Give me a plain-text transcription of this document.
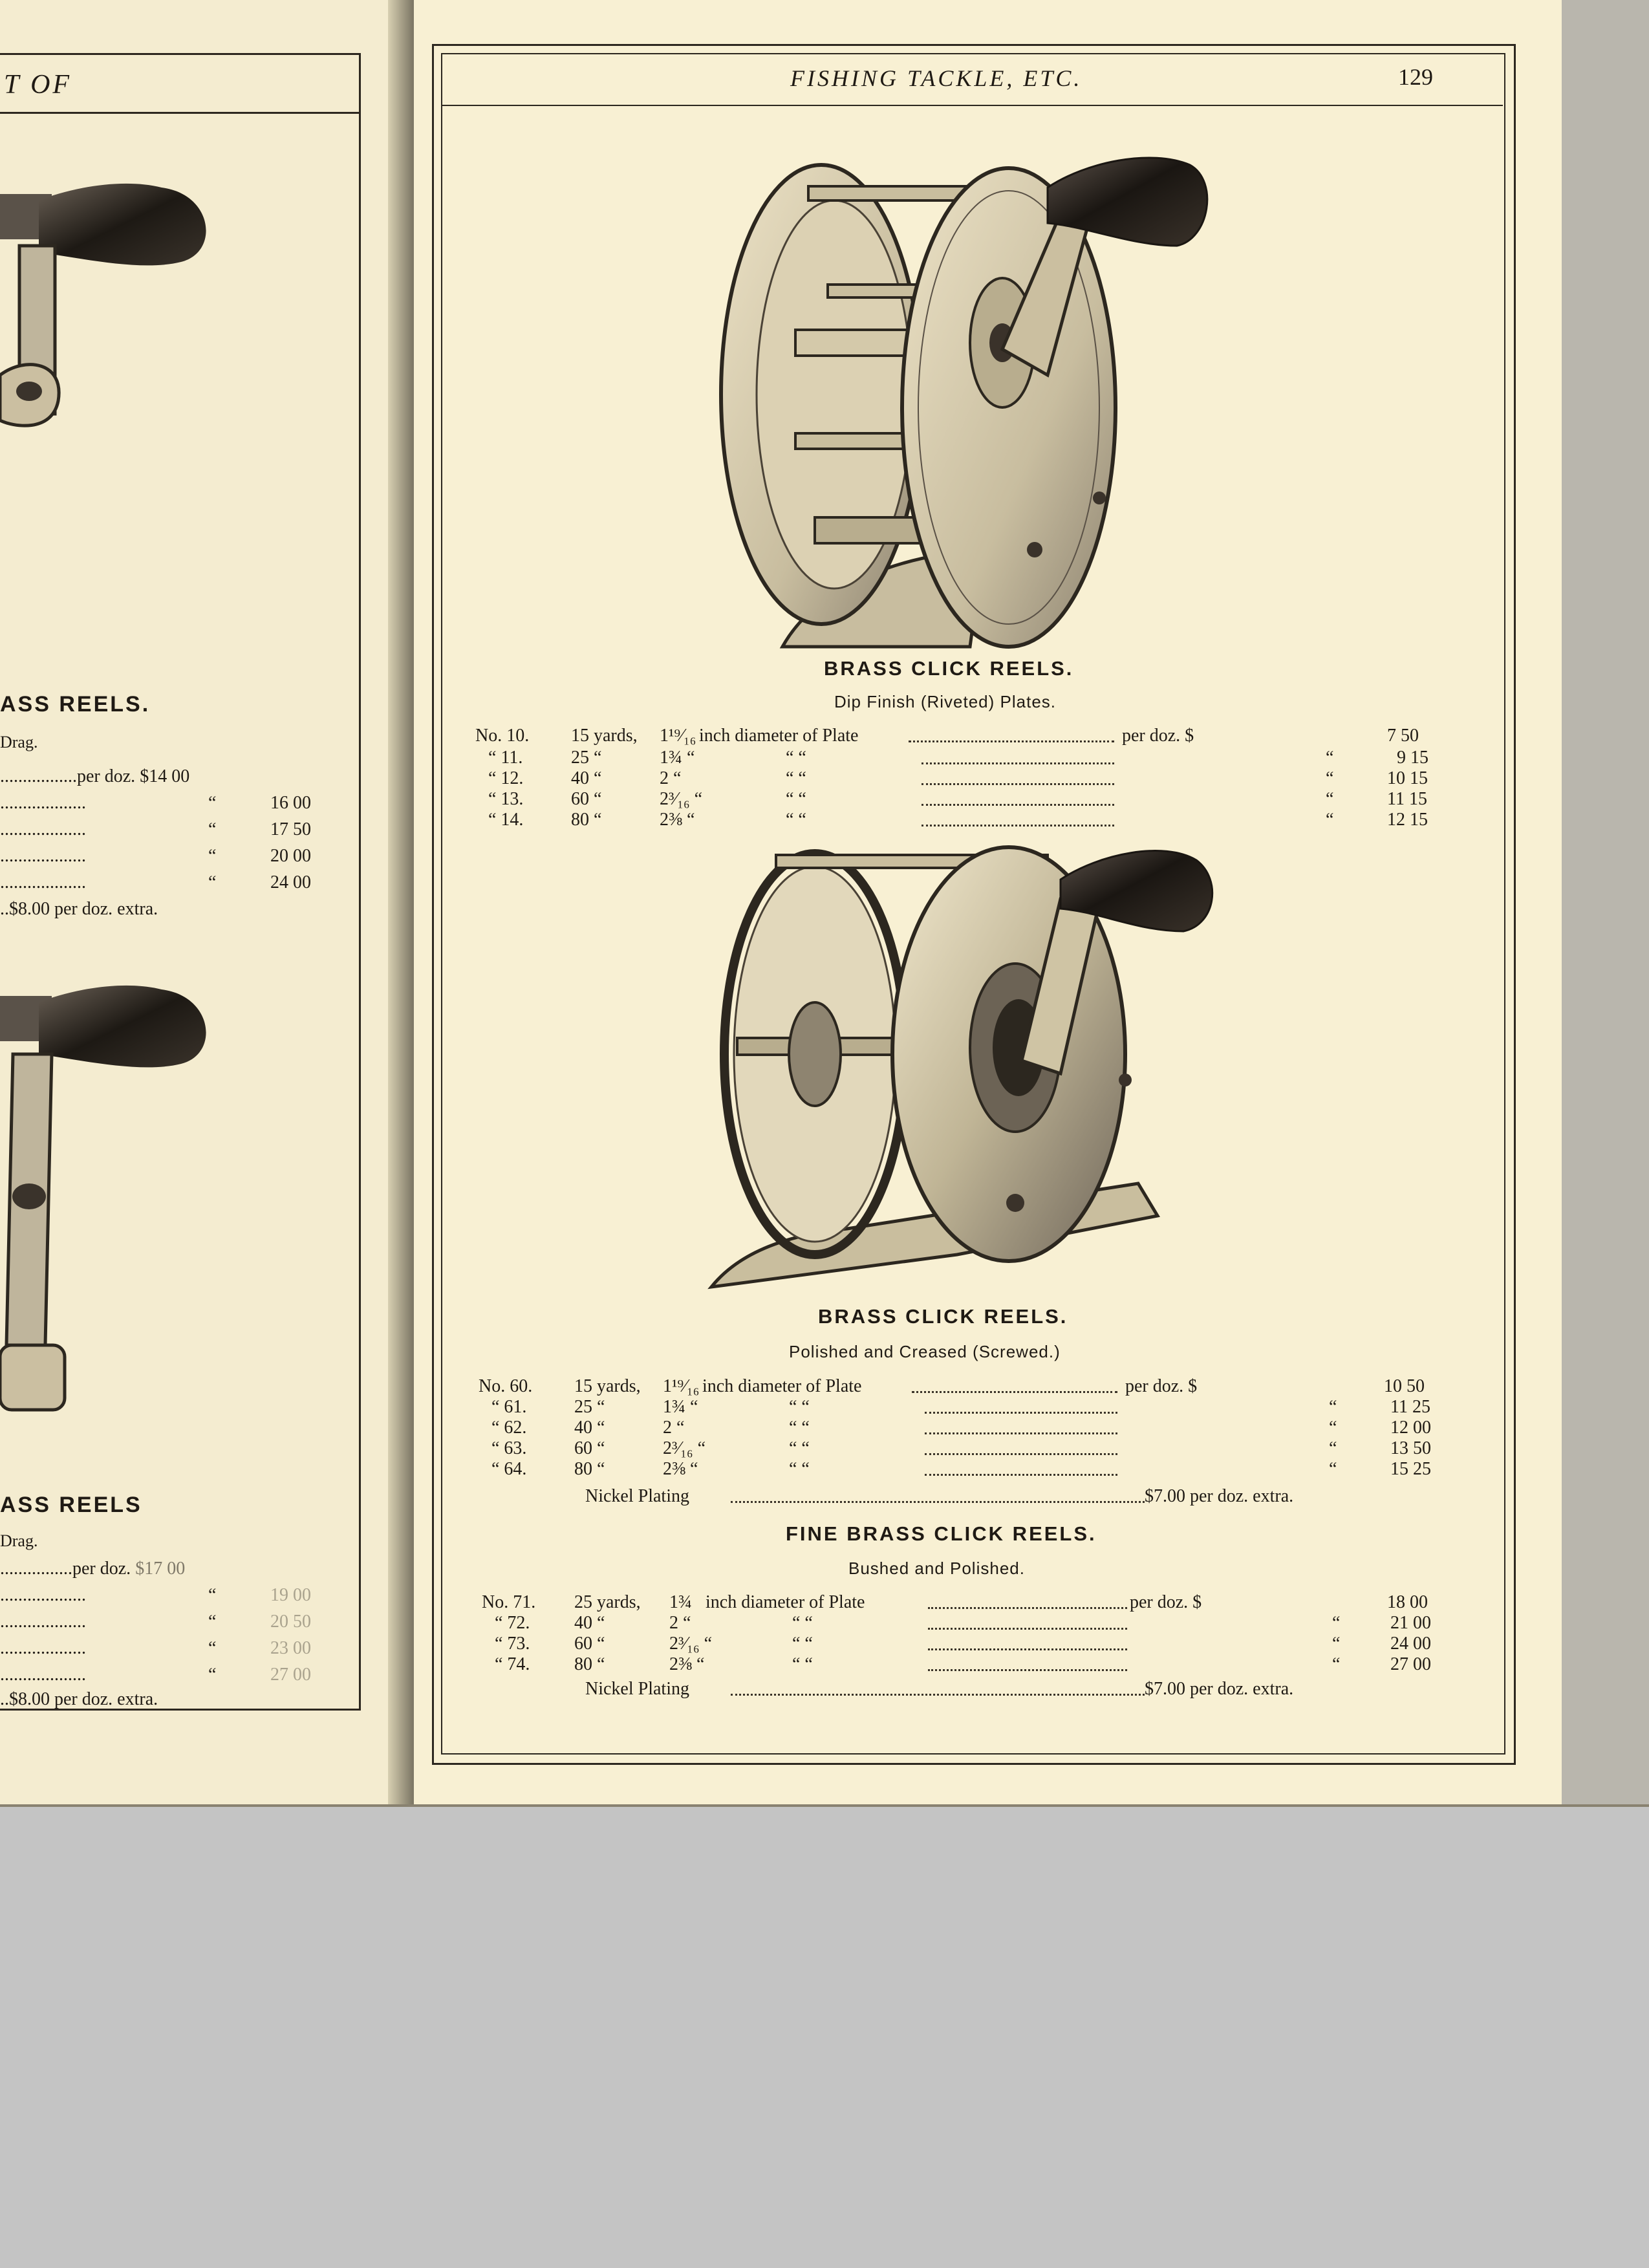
T OF
ASS REELS.
Drag.
.................per doz. $14 00
...................	“	16 00
...................	“	17 50
...................	“	20 00
...................	“	24 00
..$8.00 per doz. extra.
ASS REELS
Drag.
................per doz. $17 00
...................	“	19 00
...................	“	20 50
...................	“	23 00
...................	“	27 00
..$8.00 per doz. extra.
FISHING TACKLE, ETC.	129
BRASS CLICK REELS.
Dip Finish (Riveted) Plates.
No. 10. 15 yards, 1¹⁹⁄₁₆ inch diameter of Plate	per doz. $	7 50
“ 11.	25 “	1¾ “	“ “	“	9 15
“ 12.	40 “	2 “	“ “	“	10 15
“ 13.	60 “	2³⁄₁₆ “	“ “	“	11 15
“ 14.	80 “	2⅜ “	“ “	“	12 15
BRASS CLICK REELS.
Polished and Creased (Screwed.)
No. 60. 15 yards, 1¹⁹⁄₁₆ inch diameter of Plate	per doz. $	10 50
“ 61.	25 “	1¾ “	“ “	“	11 25
“ 62.	40 “	2 “	“ “	“	12 00
“ 63.	60 “	2³⁄₁₆ “	“ “	“	13 50
“ 64.	80 “	2⅜ “	“ “	“	15 25
Nickel Plating	$7.00 per doz. extra.
FINE BRASS CLICK REELS.
Bushed and Polished.
No. 71. 25 yards, 1¾ inch diameter of Plate	per doz. $	18 00
“ 72. 40 “	2 “	“ “	“	21 00
“ 73. 60 “	2³⁄₁₆ “	“ “	“	24 00
“ 74. 80 “	2⅜ “	“ “	“	27 00
Nickel Plating	$7.00 per doz. extra.
